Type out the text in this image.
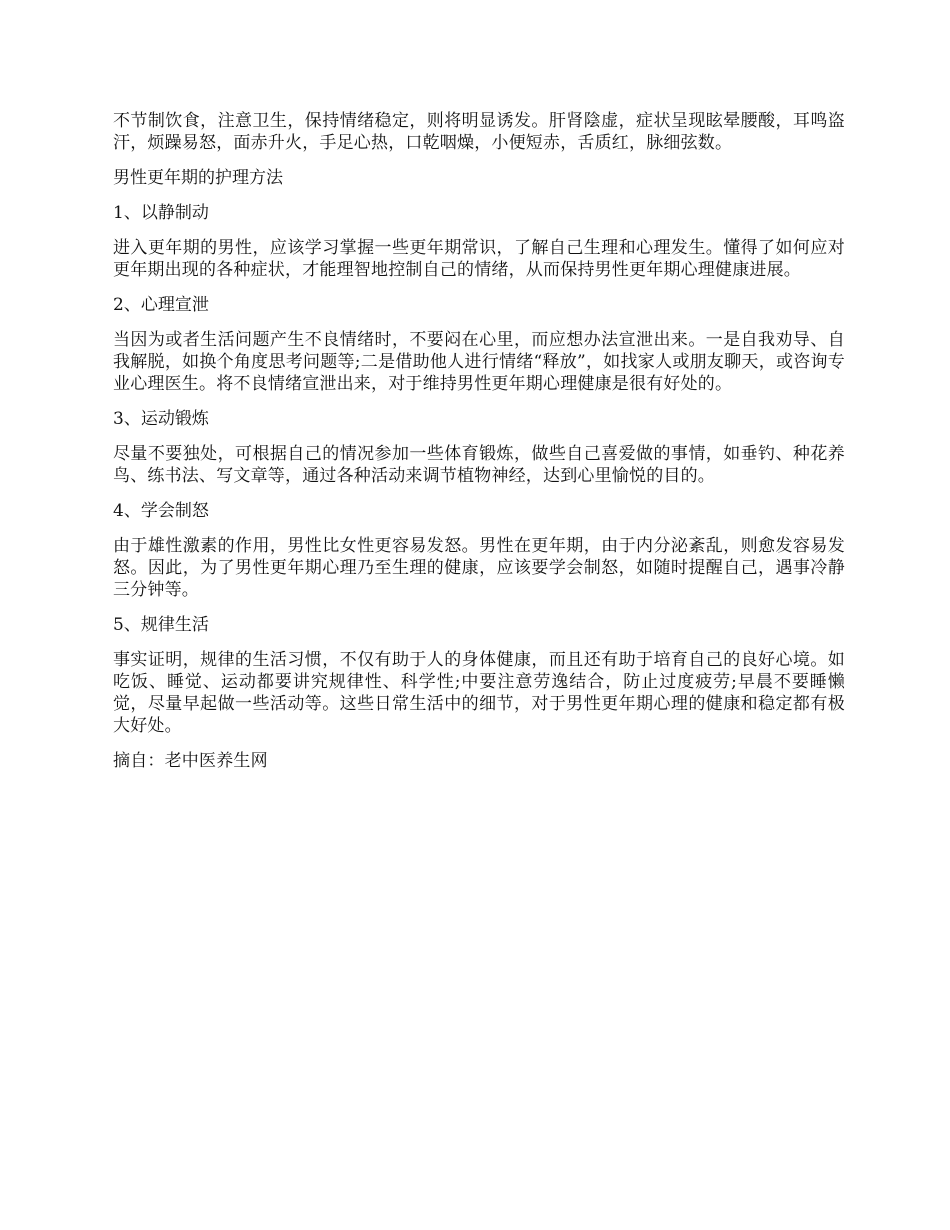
不节制饮食，注意卫生，保持情绪稳定，则将明显诱发。肝肾陰虚，症状呈现眩晕腰酸，耳鸣盗汗，烦躁易怒，面赤升火，手足心热，口乾咽燥，小便短赤，舌质红，脉细弦数。

男性更年期的护理方法

1、以静制动

进入更年期的男性，应该学习掌握一些更年期常识，了解自己生理和心理发生。懂得了如何应对更年期出现的各种症状，才能理智地控制自己的情绪，从而保持男性更年期心理健康进展。

2、心理宣泄

当因为或者生活问题产生不良情绪时，不要闷在心里，而应想办法宣泄出来。一是自我劝导、自我解脱，如换个角度思考问题等;二是借助他人进行情绪“释放”，如找家人或朋友聊天，或咨询专业心理医生。将不良情绪宣泄出来，对于维持男性更年期心理健康是很有好处的。

3、运动锻炼

尽量不要独处，可根据自己的情况参加一些体育锻炼，做些自己喜爱做的事情，如垂钓、种花养鸟、练书法、写文章等，通过各种活动来调节植物神经，达到心里愉悦的目的。

4、学会制怒

由于雄性激素的作用，男性比女性更容易发怒。男性在更年期，由于内分泌紊乱，则愈发容易发怒。因此，为了男性更年期心理乃至生理的健康，应该要学会制怒，如随时提醒自己，遇事冷静三分钟等。

5、规律生活

事实证明，规律的生活习惯，不仅有助于人的身体健康，而且还有助于培育自己的良好心境。如吃饭、睡觉、运动都要讲究规律性、科学性;中要注意劳逸结合，防止过度疲劳;早晨不要睡懒觉，尽量早起做一些活动等。这些日常生活中的细节，对于男性更年期心理的健康和稳定都有极大好处。

摘自：老中医养生网
